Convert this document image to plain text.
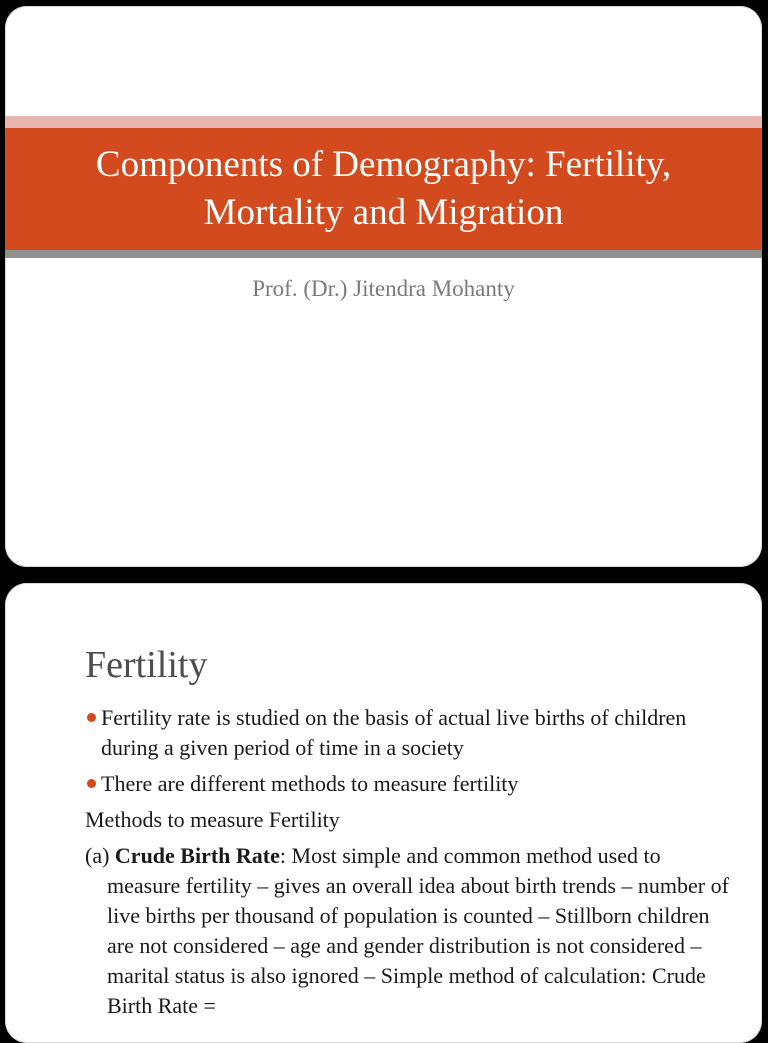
Components of Demography: Fertility,
Mortality and Migration

Prof. (Dr.) Jitendra Mohanty

Fertility
Fertility rate is studied on the basis of actual live births of children during a given period of time in a society
There are different methods to measure fertility
Methods to measure Fertility
(a) Crude Birth Rate: Most simple and common method used to measure fertility – gives an overall idea about birth trends – number of live births per thousand of population is counted – Stillborn children are not considered – age and gender distribution is not considered – marital status is also ignored – Simple method of calculation: Crude Birth Rate =
